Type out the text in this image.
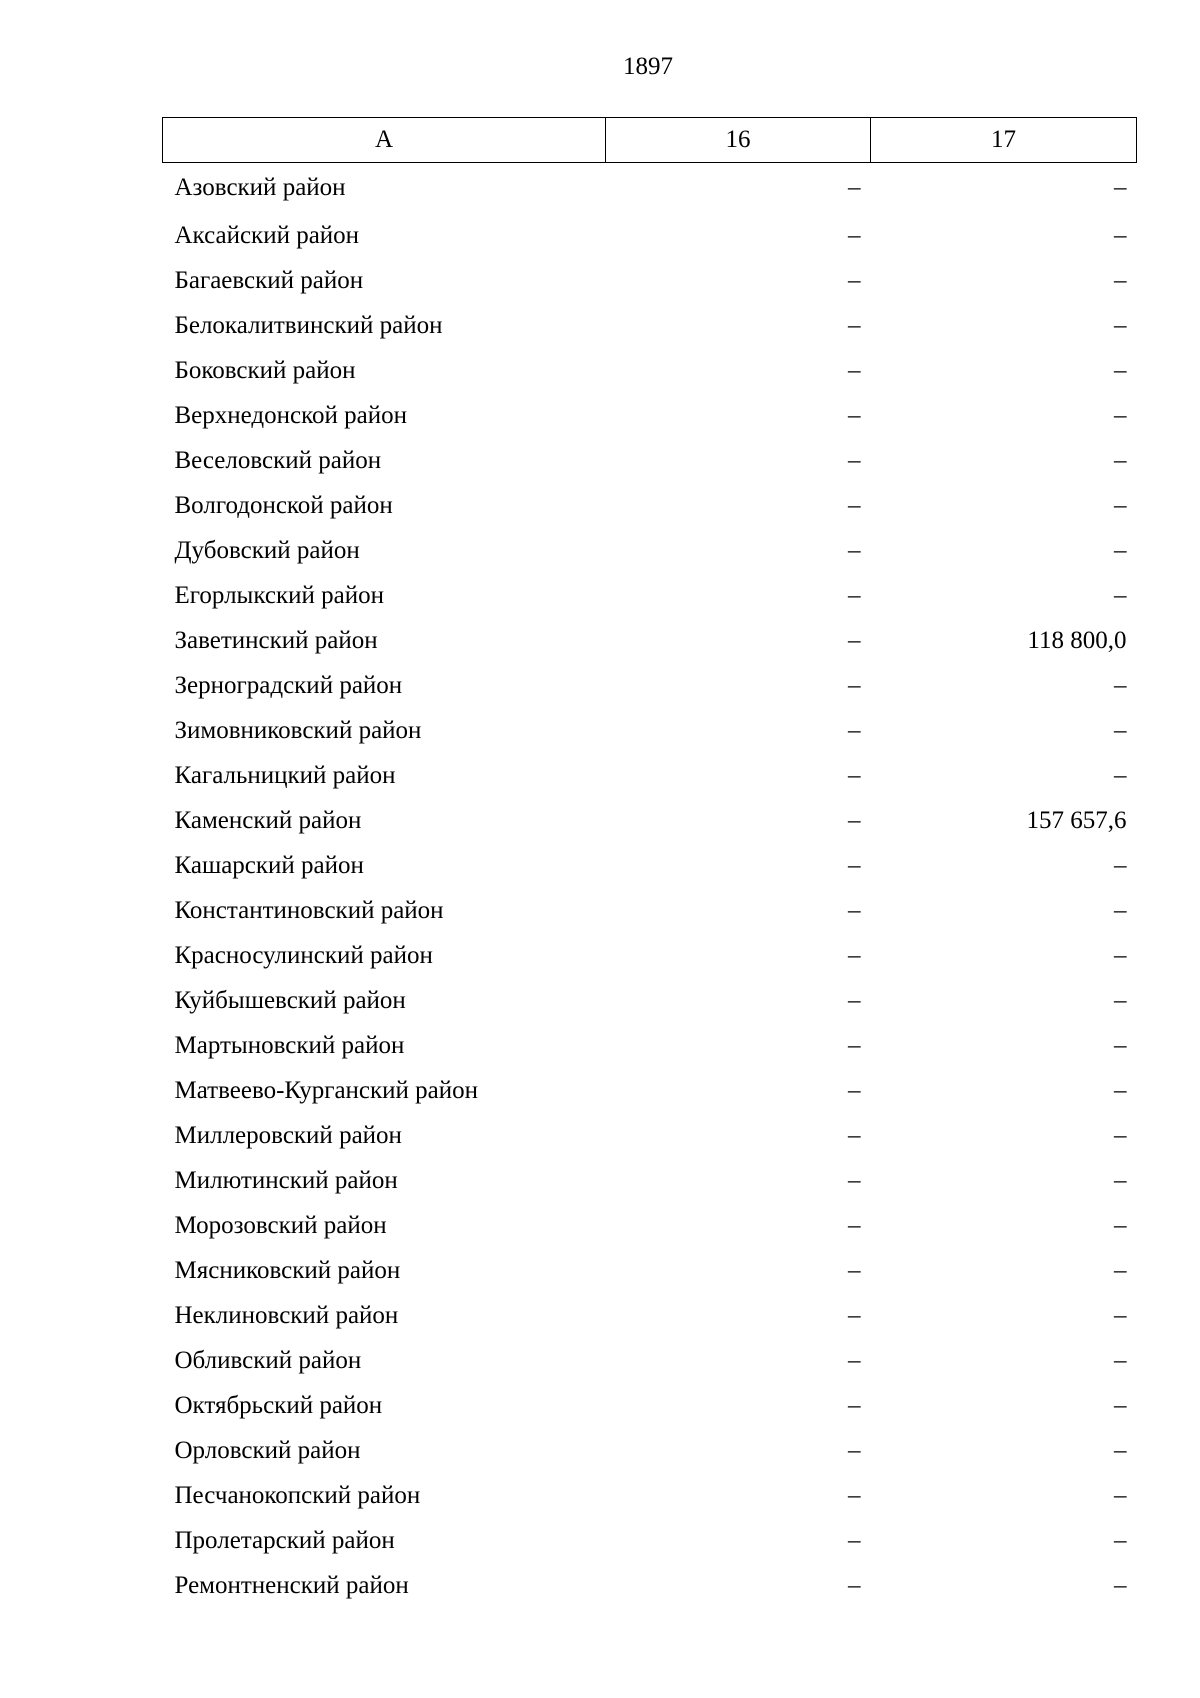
1897
А	16	17
Азовский район	–	–
Аксайский район	–	–
Багаевский район	–	–
Белокалитвинский район	–	–
Боковский район	–	–
Верхнедонской район	–	–
Веселовский район	–	–
Волгодонской район	–	–
Дубовский район	–	–
Егорлыкский район	–	–
Заветинский район	–	118 800,0
Зерноградский район	–	–
Зимовниковский район	–	–
Кагальницкий район	–	–
Каменский район	–	157 657,6
Кашарский район	–	–
Константиновский район	–	–
Красносулинский район	–	–
Куйбышевский район	–	–
Мартыновский район	–	–
Матвеево-Курганский район	–	–
Миллеровский район	–	–
Милютинский район	–	–
Морозовский район	–	–
Мясниковский район	–	–
Неклиновский район	–	–
Обливский район	–	–
Октябрьский район	–	–
Орловский район	–	–
Песчанокопский район	–	–
Пролетарский район	–	–
Ремонтненский район	–	–
